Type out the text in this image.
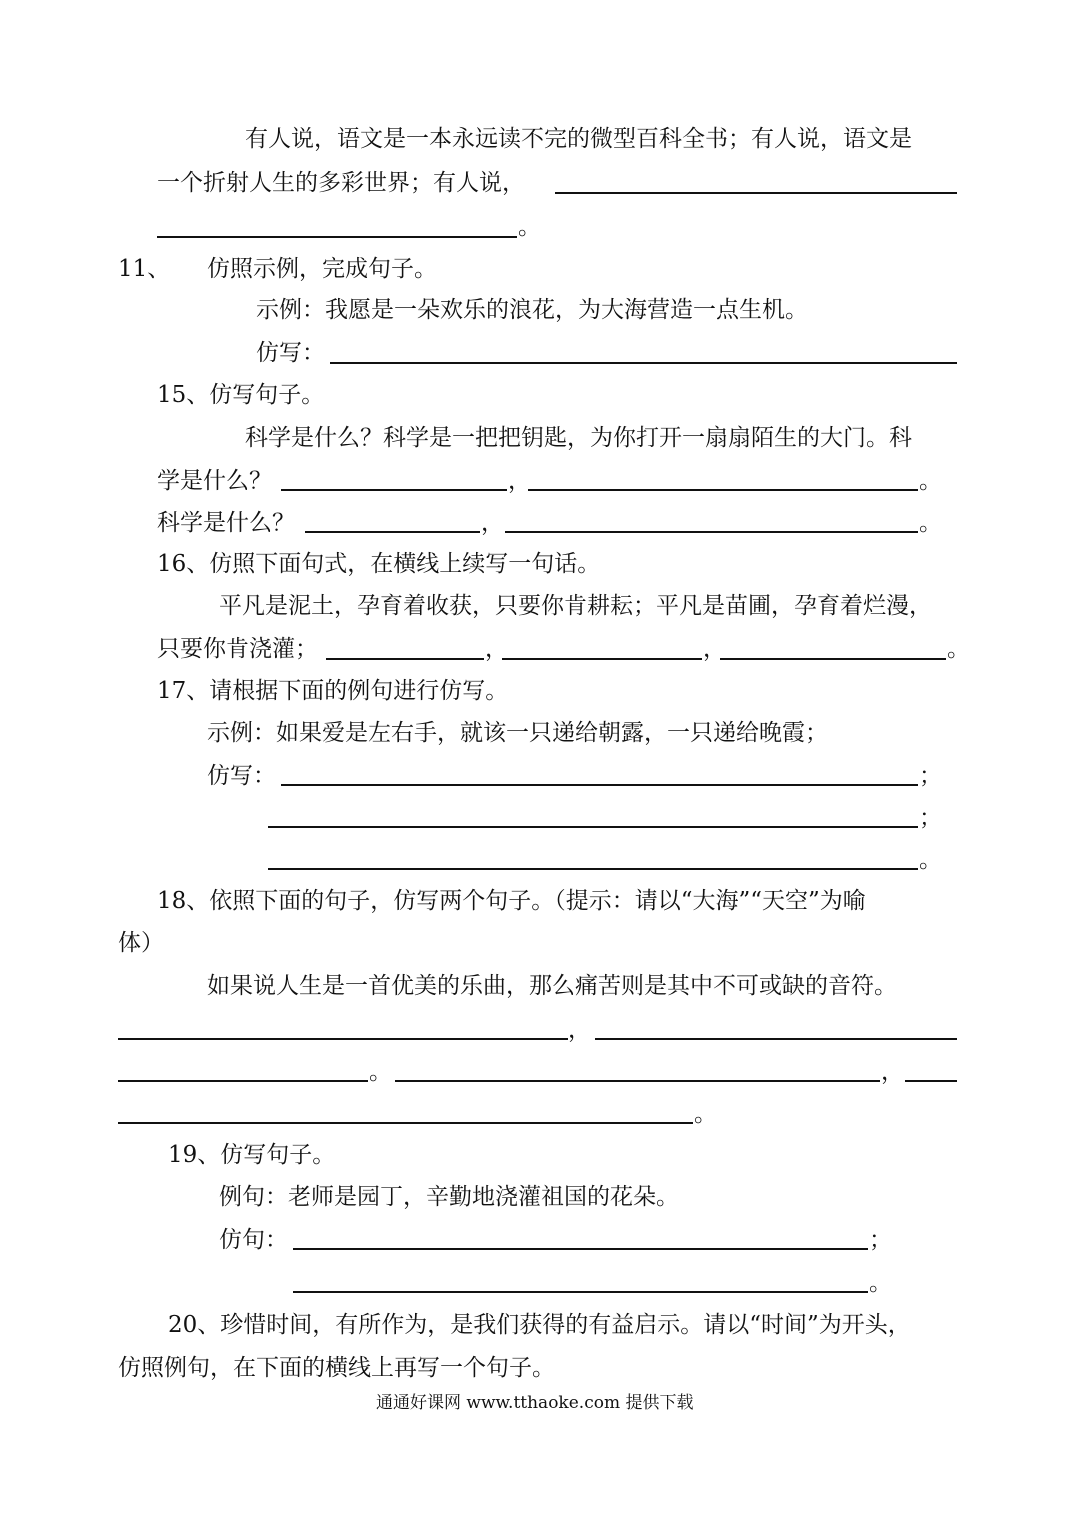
有人说，语文是一本永远读不完的微型百科全书；有人说，语文是
一个折射人生的多彩世界；有人说，
。
11、 仿照示例，完成句子。
示例：我愿是一朵欢乐的浪花，为大海营造一点生机。
仿写：
15、仿写句子。
科学是什么？科学是一把把钥匙，为你打开一扇扇陌生的大门。科
学是什么？	，	。
科学是什么？	，	。
16、仿照下面句式，在横线上续写一句话。
平凡是泥土，孕育着收获，只要你肯耕耘；平凡是苗圃，孕育着烂漫，
只要你肯浇灌；	，	，	。
17、请根据下面的例句进行仿写。
示例：如果爱是左右手，就该一只递给朝露，一只递给晚霞；
仿写：	；
；
。
18、依照下面的句子，仿写两个句子。（提示：请以“大海”“天空”为喻
体）
如果说人生是一首优美的乐曲，那么痛苦则是其中不可或缺的音符。
，
。	，
。
19、仿写句子。
例句：老师是园丁，辛勤地浇灌祖国的花朵。
仿句：	；
。
20、珍惜时间，有所作为，是我们获得的有益启示。请以“时间”为开头，
仿照例句，在下面的横线上再写一个句子。
通通好课网 www.tthaoke.com 提供下载
